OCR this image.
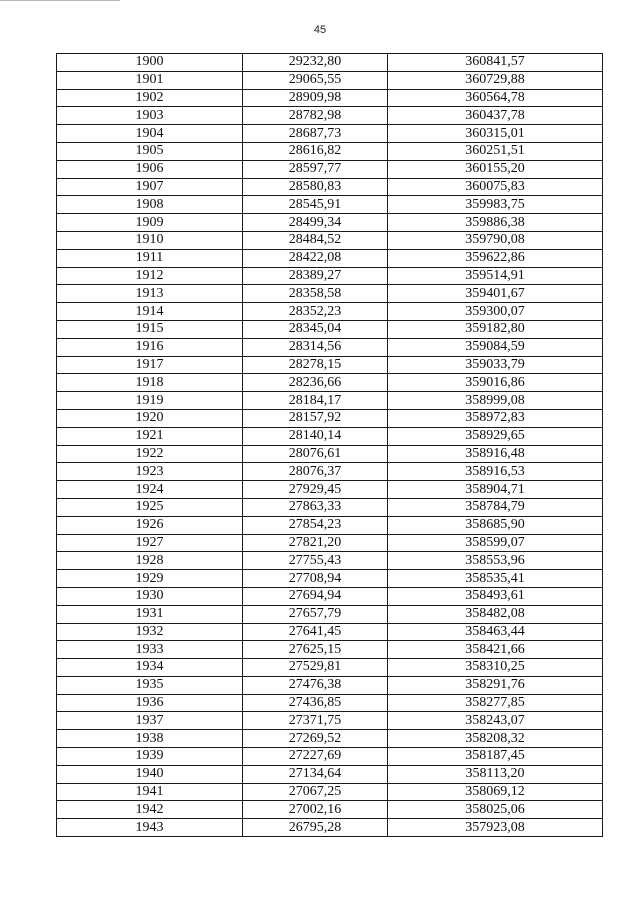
45
1900	29232,80	360841,57
1901	29065,55	360729,88
1902	28909,98	360564,78
1903	28782,98	360437,78
1904	28687,73	360315,01
1905	28616,82	360251,51
1906	28597,77	360155,20
1907	28580,83	360075,83
1908	28545,91	359983,75
1909	28499,34	359886,38
1910	28484,52	359790,08
1911	28422,08	359622,86
1912	28389,27	359514,91
1913	28358,58	359401,67
1914	28352,23	359300,07
1915	28345,04	359182,80
1916	28314,56	359084,59
1917	28278,15	359033,79
1918	28236,66	359016,86
1919	28184,17	358999,08
1920	28157,92	358972,83
1921	28140,14	358929,65
1922	28076,61	358916,48
1923	28076,37	358916,53
1924	27929,45	358904,71
1925	27863,33	358784,79
1926	27854,23	358685,90
1927	27821,20	358599,07
1928	27755,43	358553,96
1929	27708,94	358535,41
1930	27694,94	358493,61
1931	27657,79	358482,08
1932	27641,45	358463,44
1933	27625,15	358421,66
1934	27529,81	358310,25
1935	27476,38	358291,76
1936	27436,85	358277,85
1937	27371,75	358243,07
1938	27269,52	358208,32
1939	27227,69	358187,45
1940	27134,64	358113,20
1941	27067,25	358069,12
1942	27002,16	358025,06
1943	26795,28	357923,08
